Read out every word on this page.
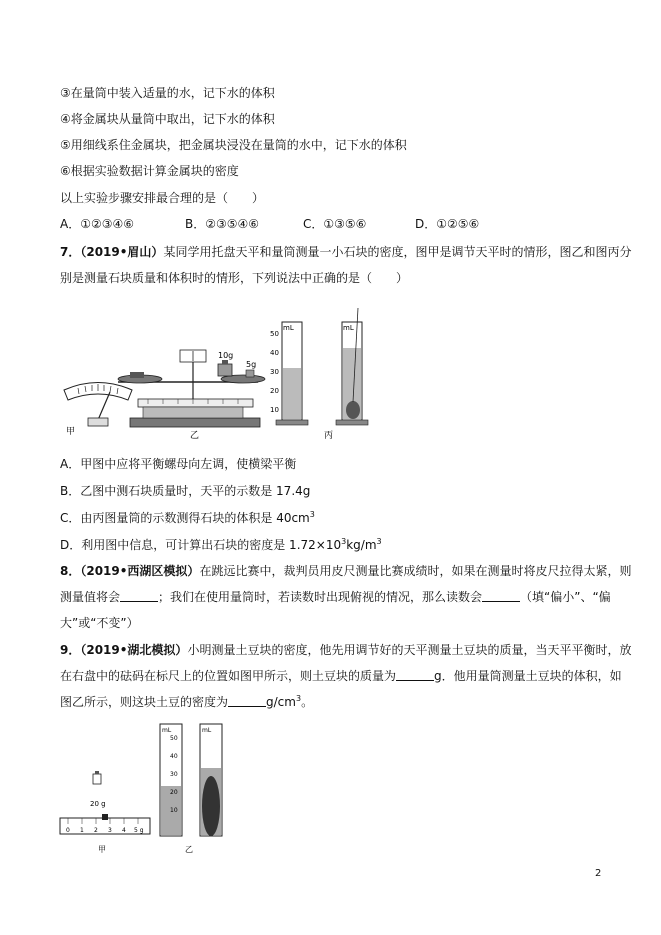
③在量筒中装入适量的水，记下水的体积
④将金属块从量筒中取出，记下水的体积
⑤用细线系住金属块，把金属块浸没在量筒的水中，记下水的体积
⑥根据实验数据计算金属块的密度
以上实验步骤安排最合理的是（　　）
A．①②③④⑥	B．②③⑤④⑥	C．①③⑤⑥	D．①②⑤⑥
7．（2019•眉山）某同学用托盘天平和量筒测量一小石块的密度，图甲是调节天平时的情形，图乙和图丙分
别是测量石块质量和体积时的情形，下列说法中正确的是（　　）
甲
10g
5g
乙
mL
50
40
30
20
10
mL
丙
A．甲图中应将平衡螺母向左调，使横梁平衡
B．乙图中测石块质量时，天平的示数是 17.4g
C．由丙图量筒的示数测得石块的体积是 $40cm^3$
D．利用图中信息，可计算出石块的密度是 $1.72\times 10^3kg/m^3$
8．（2019•西湖区模拟）在跳远比赛中，裁判员用皮尺测量比赛成绩时，如果在测量时将皮尺拉得太紧，则
测量值将会	；我们在使用量筒时，若读数时出现俯视的情况，那么读数会	（填“偏小”、“偏
大”或“不变”）
9．（2019•湖北模拟）小明测量土豆块的密度，他先用调节好的天平测量土豆块的质量，当天平平衡时，放
在右盘中的砝码在标尺上的位置如图甲所示，则土豆块的质量为	g．他用量筒测量土豆块的体积，如
图乙所示，则这块土豆的密度为	$g/cm^3$。
20 g
0 1 2 3 4 5 g
甲
mL
50
40
30
20
10
mL
乙
2
